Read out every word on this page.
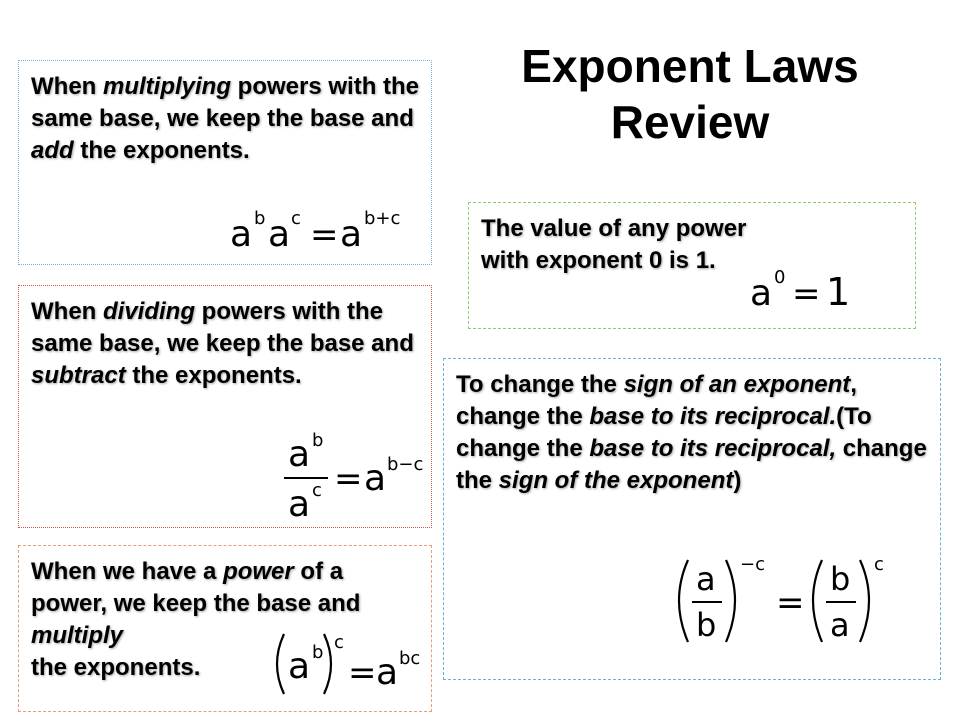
Exponent Laws
Review

When multiplying powers with the same base, we keep the base and add the exponents.

a b a c = a b+c

When dividing powers with the same base, we keep the base and subtract the exponents.

a b
a c = a b−c

When we have a power of a power, we keep the base and multiply
the exponents.	a b c
= a bc

The value of any power with exponent 0 is 1.

a 0 = 1

To change the sign of an exponent, change the base to its reciprocal.(To change the base to its reciprocal, change the sign of the exponent)

a
b
−c
=
b
a
c
